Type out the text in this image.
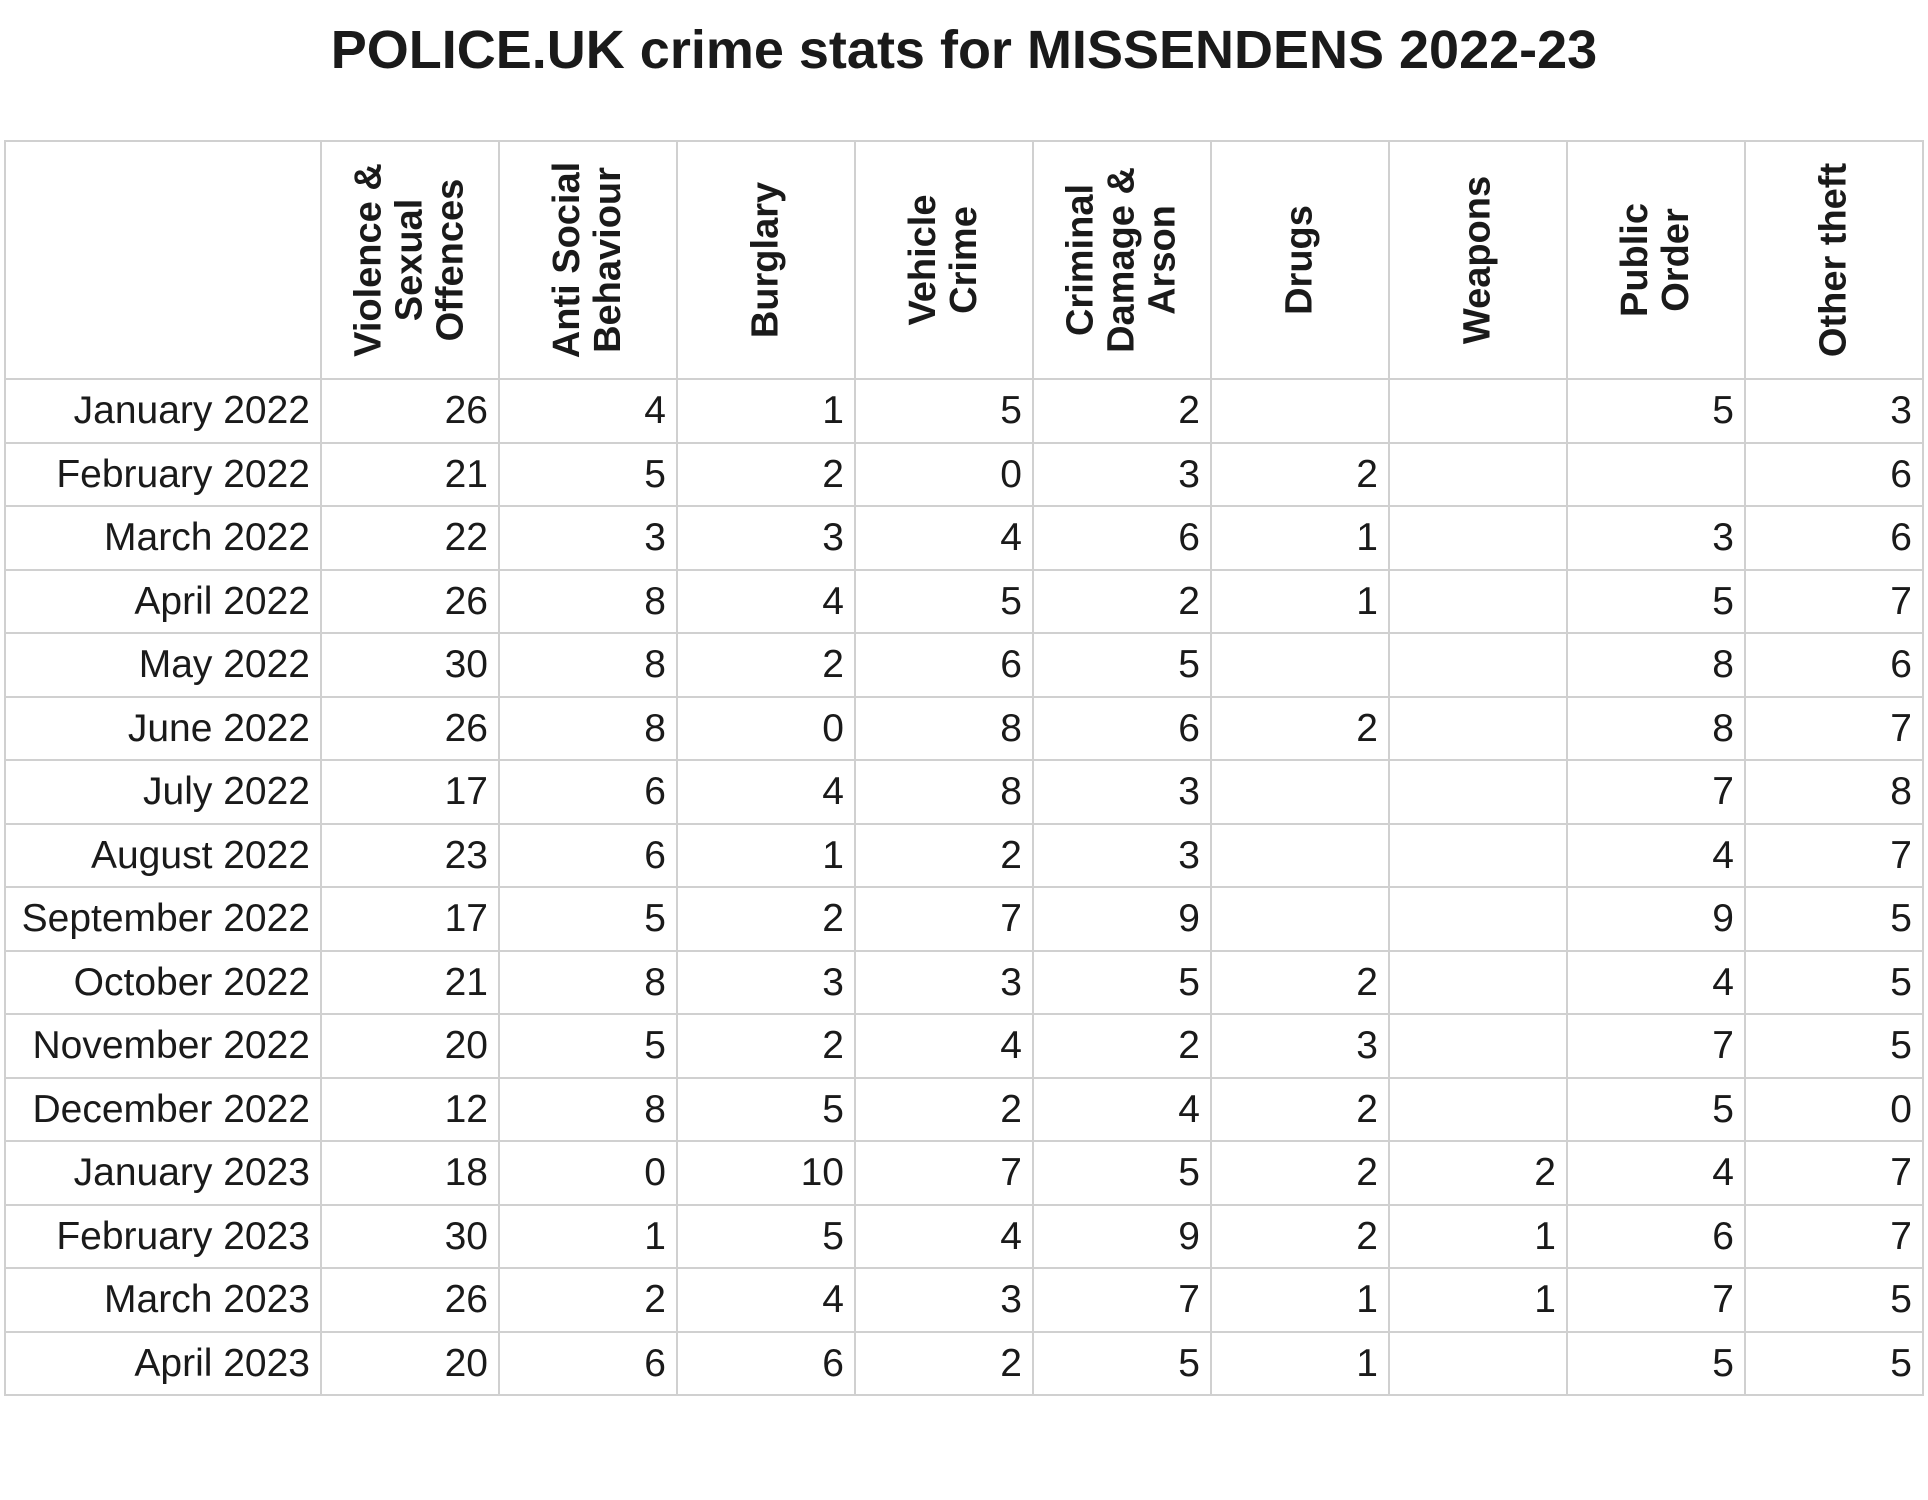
POLICE.UK crime stats for MISSENDENS 2022-23

	Violence & Sexual Offences	Anti Social Behaviour	Burglary	Vehicle Crime	Criminal Damage & Arson	Drugs	Weapons	Public Order	Other theft

January 2022	26	4	1	5	2			5	3
February 2022	21	5	2	0	3	2			6
March 2022	22	3	3	4	6	1		3	6
April 2022	26	8	4	5	2	1		5	7
May 2022	30	8	2	6	5			8	6
June 2022	26	8	0	8	6	2		8	7
July 2022	17	6	4	8	3			7	8
August 2022	23	6	1	2	3			4	7
September 2022	17	5	2	7	9			9	5
October 2022	21	8	3	3	5	2		4	5
November 2022	20	5	2	4	2	3		7	5
December 2022	12	8	5	2	4	2		5	0
January 2023	18	0	10	7	5	2	2	4	7
February 2023	30	1	5	4	9	2	1	6	7
March 2023	26	2	4	3	7	1	1	7	5
April 2023	20	6	6	2	5	1		5	5
